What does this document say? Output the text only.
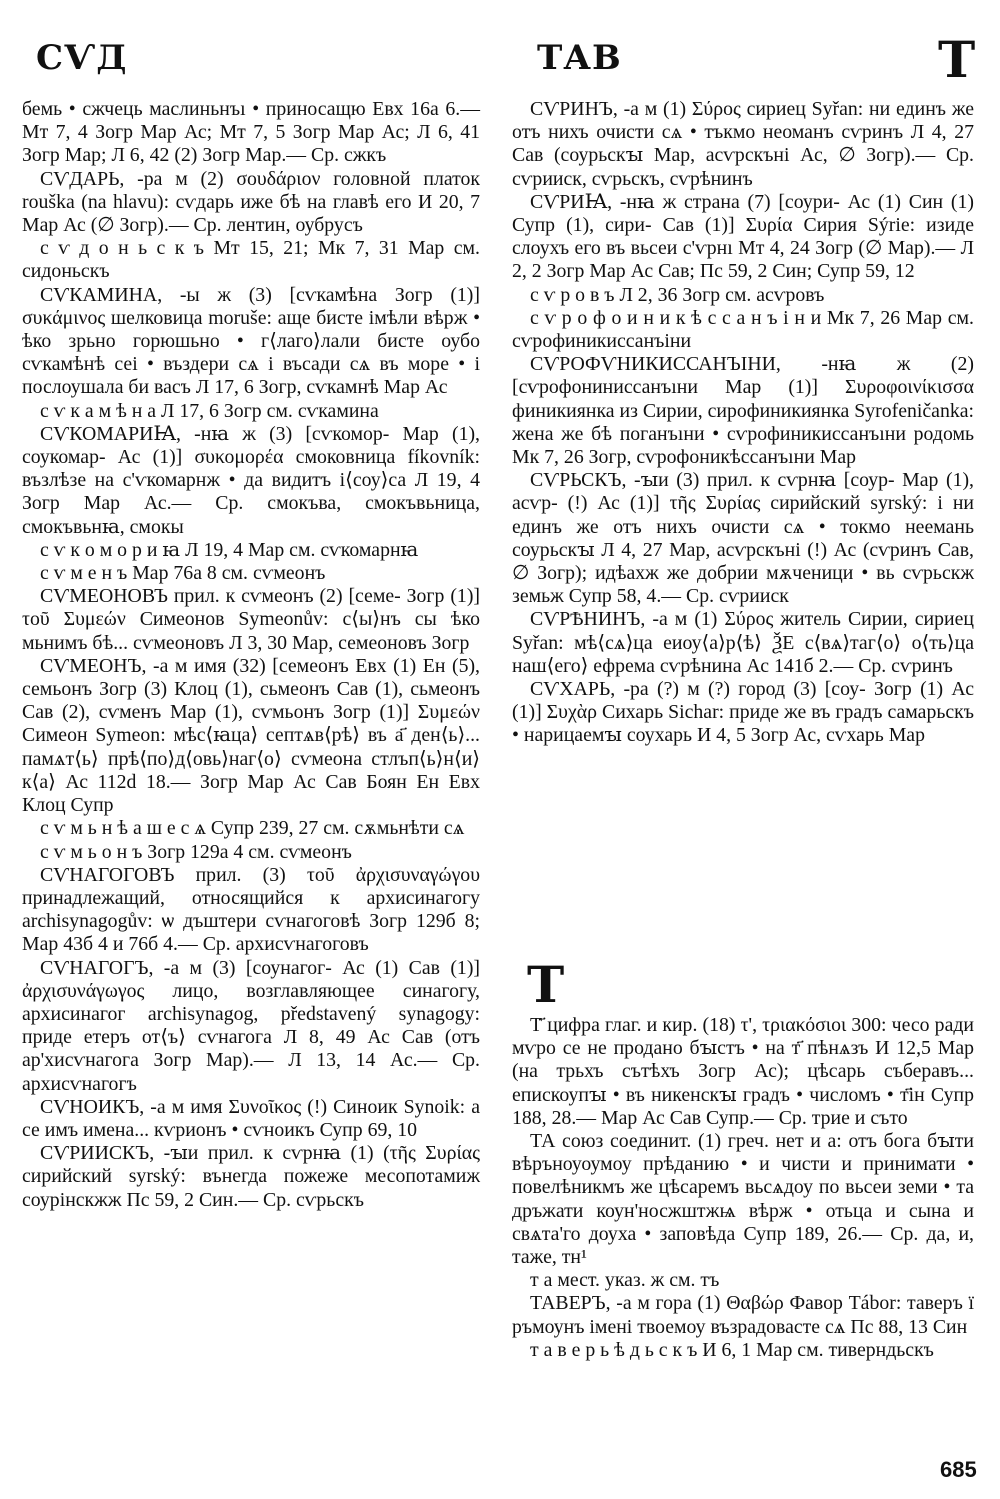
ϹѴД	ТАВ	Т

бемь • сжчець маслиньнъı • приносащю Евх 16а 6.— Мт 7, 4 Зогр Мар Ас; Мт 7, 5 Зогр Мар Ас; Л 6, 41 Зогр Мар; Л 6, 42 (2) Зогр Мар.— Ср. сжкъ

ϹѴДАРЬ, -ра м (2) σουδάριον головной платок rouška (na hlavu): сѵдарь иже бѣ на главѣ его И 20, 7 Мар Ас (∅ Зогр).— Ср. лентин, оубрусъ

с ѵ д о н ь с к ъ Мт 15, 21; Мк 7, 31 Мар см. сидоньскъ

ϹѴКАМИНА, -ы ж (3) [сѵкамѣна Зогр (1)] συκάμινος шелковица moruše: аще бисте імѣли вѣрж • ѣко зрьно горюшьно • г⟨лаго⟩лали бисте оубо сѵкамѣнѣ сеі • въздери сѧ і въсади сѧ въ море • і послоушала би васъ Л 17, 6 Зогр, сѵкамнѣ Мар Ас

с ѵ к а м ѣ н а Л 17, 6 Зогр см. сѵкамина

ϹѴКОМАРИꙖ, -нꙗ ж (3) [сѵкомор- Мар (1), соукомар- Ас (1)] συκομορέα смоковница fíkovník: възлѣзе на с'ѵкомарнж • да видитъ і⟨соу⟩са Л 19, 4 Зогр Мар Ас.— Ср. смокъва, смокъвьница, смокъвьнꙗ, смокы

с ѵ к о м о р и ꙗ Л 19, 4 Мар см. сѵкомарнꙗ

с ѵ м е н ъ Мар 76а 8 см. сѵмеонъ

ϹѴМЕОНОВЪ прил. к сѵмеонъ (2) [семе- Зогр (1)] τοῦ Συμεών Симеонов Symeonův: с⟨ы⟩нъ сы ѣко мьнимъ бѣ... сѵмеоновъ Л 3, 30 Мар, семеоновъ Зогр

ϹѴМЕОНЪ, -а м имя (32) [семеонъ Евх (1) Ен (5), семьонъ Зогр (3) Клоц (1), сьмеонъ Сав (1), сьмеонъ Сав (2), сѵменъ Мар (1), сѵмьонъ Зогр (1)] Συμεών Симеон Symeon: мѣс⟨ꙗца⟩ септѧв⟨рѣ⟩ въ а҃ ден⟨ь⟩... памѧт⟨ь⟩ прѣ⟨по⟩д⟨овь⟩наг⟨о⟩ сѵмеона стлъп⟨ь⟩н⟨и⟩к⟨а⟩ Ас 112d 18.— Зогр Мар Ас Сав Боян Ен Евх Клоц Супр

с ѵ м ь н ѣ а ш е с ѧ Супр 239, 27 см. сѫмьнѣти сѧ

с ѵ м ь о н ъ Зогр 129а 4 см. сѵмеонъ

ϹѴНАГОГОВЪ прил. (3) τοῦ ἀρχισυναγώγου принадлежащий, относящийся к архисинагогу archisynagogův: ѡ дъштери сѵнагоговѣ Зогр 129б 8; Мар 43б 4 и 76б 4.— Ср. архисѵнагоговъ

ϹѴНАГОГЪ, -а м (3) [соунагог- Ас (1) Сав (1)] ἀρχισυνάγωγος лицо, возглавляющее синагогу, архисинагог archisynagog, představený synagogy: приде етеръ от⟨ъ⟩ сѵнагога Л 8, 49 Ас Сав (отъ ар'хисѵнагога Зогр Мар).— Л 13, 14 Ас.— Ср. архисѵнагогъ

ϹѴНОИКЪ, -а м имя Συνοῖκος (!) Синоик Synoik: а се имъ имена... кѵрионъ • сѵноикъ Супр 69, 10

ϹѴРИИСКЪ, -ꙑи прил. к сѵрнꙗ (1) (τῆς Συρίας сирийский syrský: вънегда пожеже месопотамиж соурінскжж Пс 59, 2 Син.— Ср. сѵрьскъ

ϹѴРИНЪ, -а м (1) Σύρος сириец Syřan: ни единъ же отъ нихъ очисти сѧ • тъкмо неоманъ сѵринъ Л 4, 27 Сав (соурьскꙑ Мар, асѵрскъні Ас, ∅ Зогр).— Ср. сѵрииск, сѵрьскъ, сѵрѣнинъ

ϹѴРИꙖ, -нꙗ ж страна (7) [соури- Ас (1) Син (1) Супр (1), сири- Сав (1)] Συρία Сирия Sýrie: изиде слоухъ его въ вьсеи с'ѵрнı Мт 4, 24 Зогр (∅ Мар).— Л 2, 2 Зогр Мар Ас Сав; Пс 59, 2 Син; Супр 59, 12

с ѵ р о в ъ Л 2, 36 Зогр см. асѵровъ

с ѵ р о ф о и н и к ѣ с с а н ъ і н и Мк 7, 26 Мар см. сѵрофиникиссанъiни

ϹѴРОФѴНИКИССАНЪIНИ, -нꙗ ж (2) [сѵрофониниссанъıни Мар (1)] Συροφοινίκισσα финикиянка из Сирии, сирофиникиянка Syrofeničanka: жена же бѣ поганъıни • сѵрофиникиссанъıни родомь Мк 7, 26 Зогр, сѵрофоникѣссанъıни Мар

ϹѴРЬСКЪ, -ꙑи (3) прил. к сѵрнꙗ [соур- Мар (1), асѵр- (!) Ас (1)] τῆς Συρίας сирийский syrský: і ни единъ же отъ нихъ очисти сѧ • токмо неемань соурьскꙑ Л 4, 27 Мар, асѵрскъні (!) Ас (сѵринъ Сав, ∅ Зогр); идѣахж же добрии мѫченици • вь сѵрьскж земьж Супр 58, 4.— Ср. сѵрииск

ϹѴРѢНИНЪ, -а м (1) Σύρος житель Сирии, сириец Syřan: мѣ⟨сѧ⟩ца еиоу⟨а⟩р⟨ѣ⟩ ѮЕ с⟨вѧ⟩таг⟨о⟩ о⟨ть⟩ца наш⟨его⟩ ефрема сѵрѣнина Ас 141б 2.— Ср. сѵринъ

ϹѴХАРЬ, -ра (?) м (?) город (3) [соу- Зогр (1) Ас (1)] Συχὰρ Сихарь Sichar: приде же въ градъ самарьскъ • нарицаемꙑ соухарь И 4, 5 Зогр Ас, сѵхарь Мар

Т

Т҃ цифра глаг. и кир. (18) τ', τριακόσιοι 300: чесо ради мѵро се не продано бꙑстъ • на т҃ пѣнѧзъ И 12,5 Мар (на трьхъ сътѣхъ Зогр Ас); цѣсарь съберавъ... епискоупꙑ • въ никенскꙑ градъ • числомъ • т҃ін Супр 188, 28.— Мар Ас Сав Супр.— Ср. трие и съто

ТА союз соединит. (1) греч. нет и а: отъ бога бꙑти вѣръноуоумоу прѣданию • и чисти и принимати • повелѣникмъ же цѣсаремъ вьсѧдоу по вьсеи земи • та дръжати коун'носжштжѩ вѣрж • отьца и сына и свѧта'го доуха • заповѣда Супр 189, 26.— Ср. да, и, таже, тн¹

т а мест. указ. ж см. тъ

ТАВЕРЪ, -а м гора (1) Θαβώρ Фавор Tábor: таверъ ї ръмоунъ імені твоемоу възрадовасте сѧ Пс 88, 13 Син

т а в е р ь ѣ д ь с к ъ И 6, 1 Мар см. тиверндьскъ

685
